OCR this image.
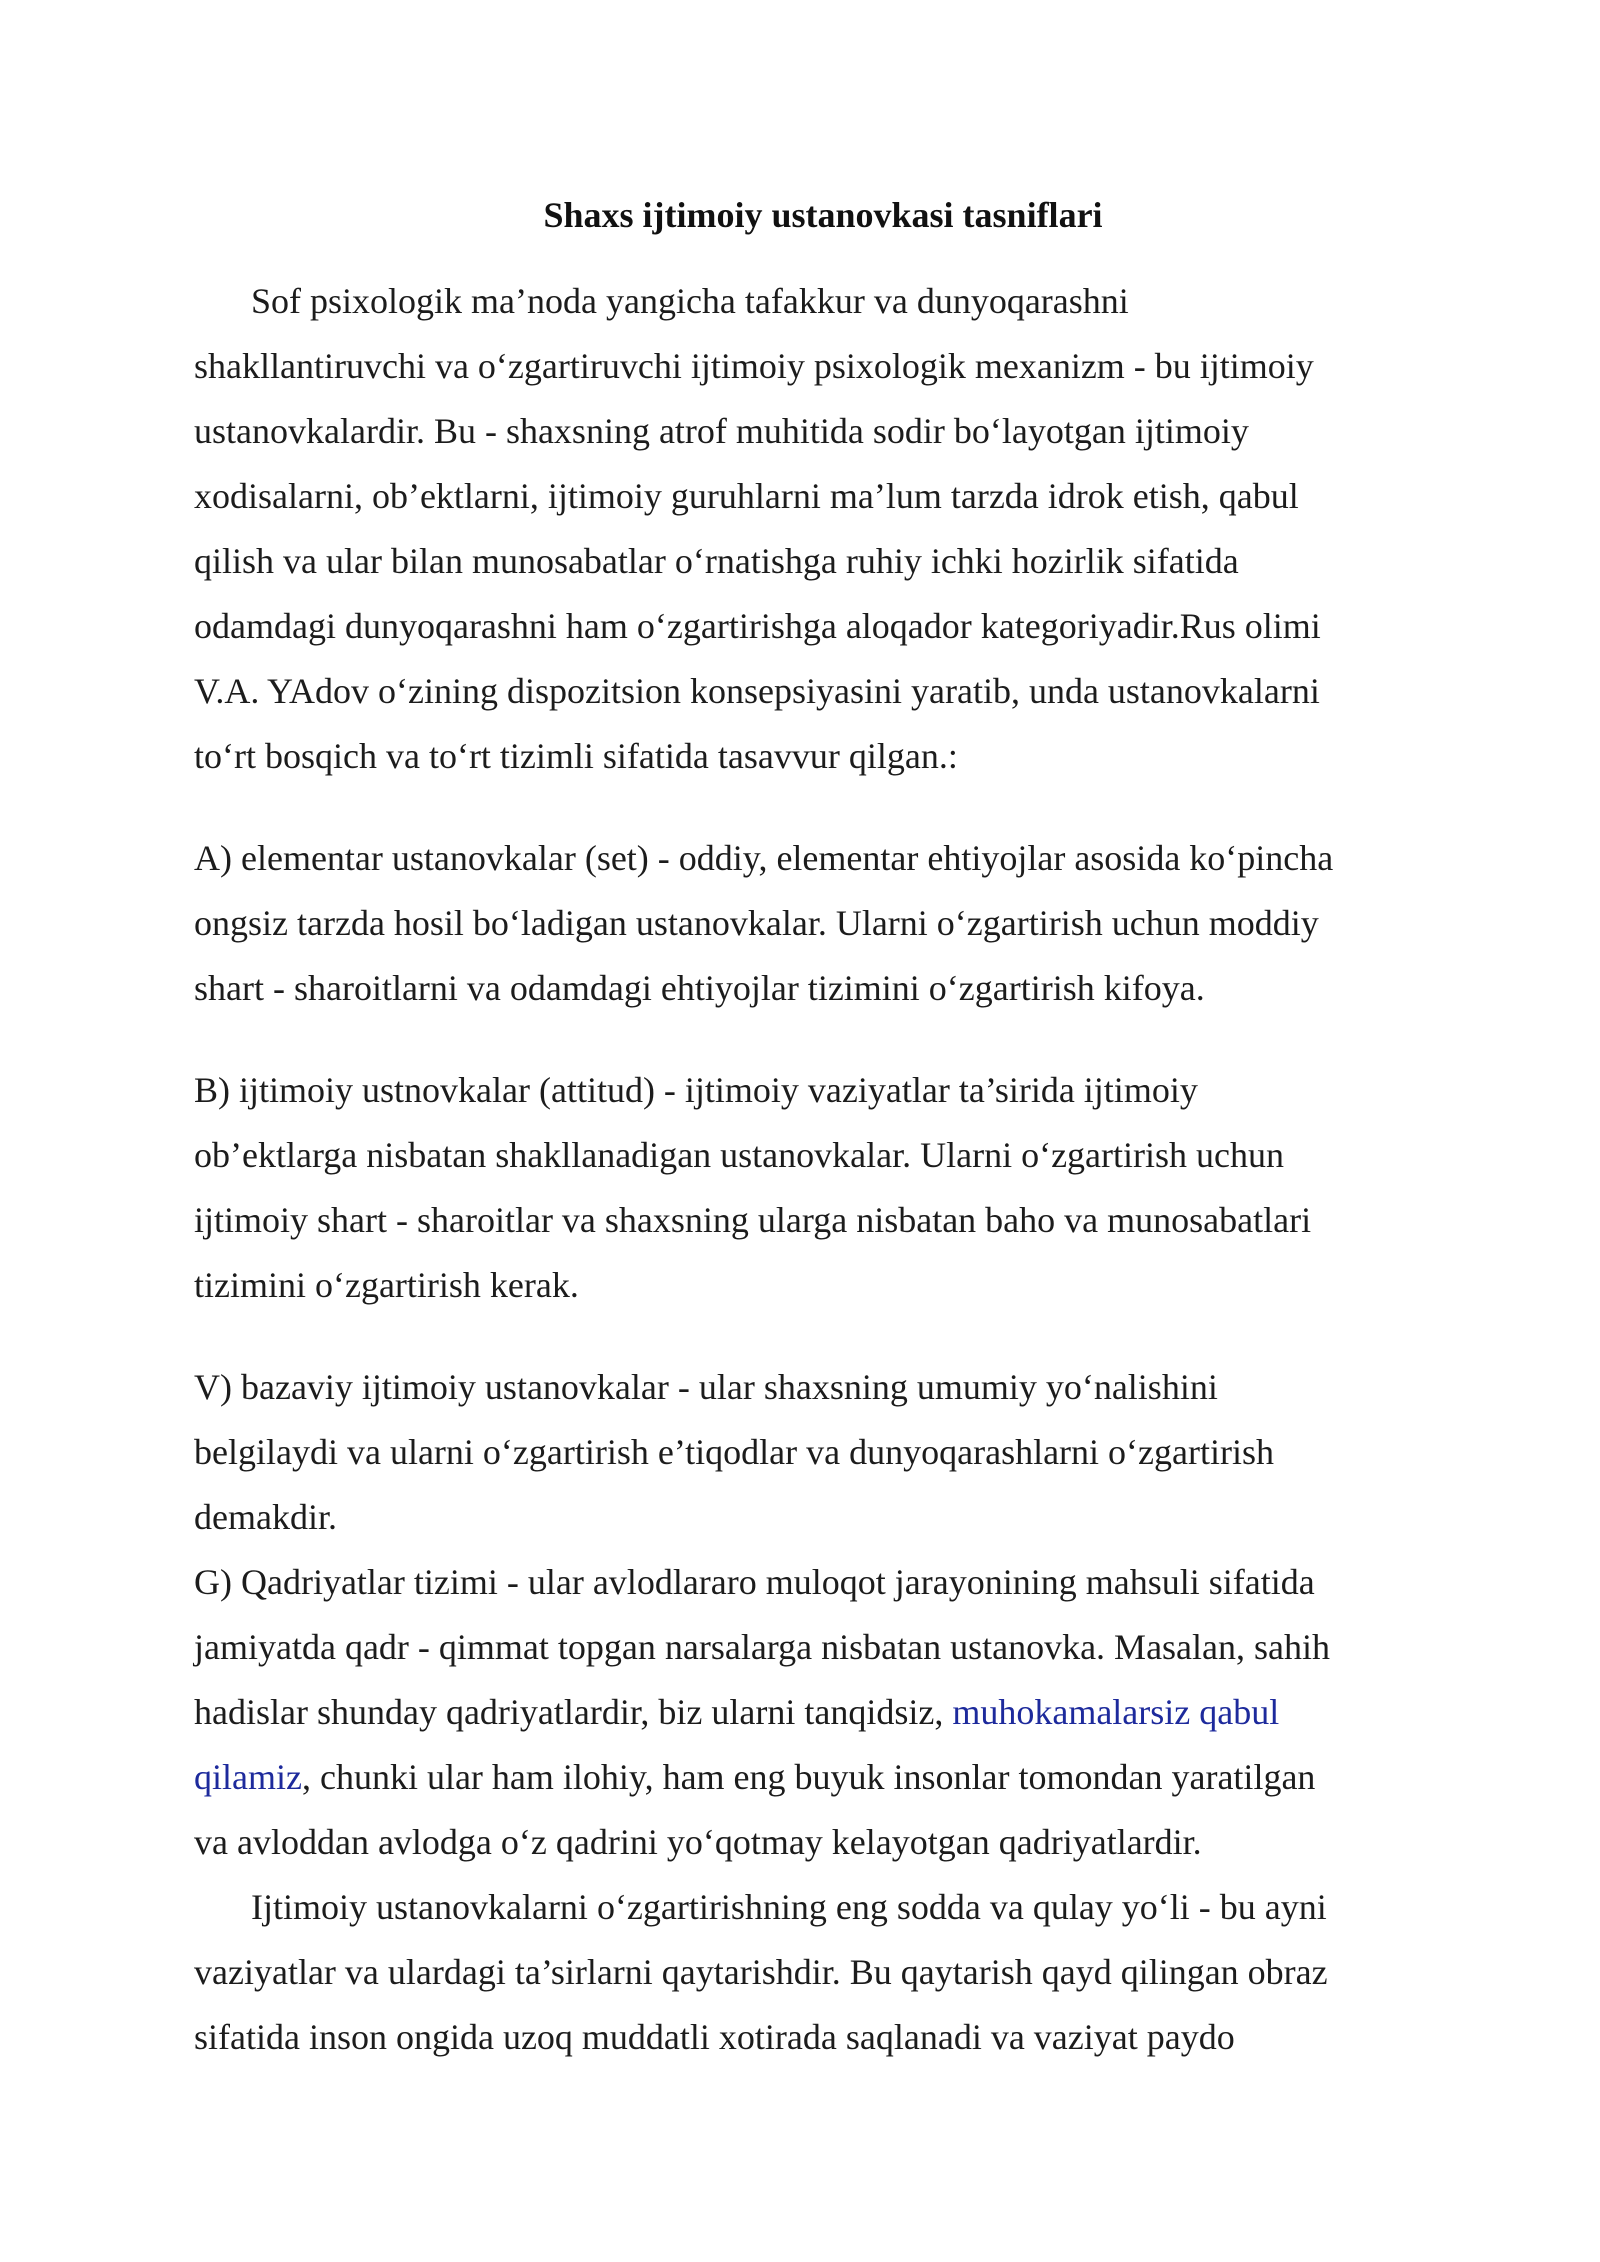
Shaxs ijtimoiy ustanovkasi tasniflari
Sof psixologik ma’noda yangicha tafakkur va dunyoqarashni
shakllantiruvchi va o‘zgartiruvchi ijtimoiy psixologik mexanizm - bu ijtimoiy
ustanovkalardir. Bu - shaxsning atrof muhitida sodir bo‘layotgan ijtimoiy
xodisalarni, ob’ektlarni, ijtimoiy guruhlarni ma’lum tarzda idrok etish, qabul
qilish va ular bilan munosabatlar o‘rnatishga ruhiy ichki hozirlik sifatida
odamdagi dunyoqarashni ham o‘zgartirishga aloqador kategoriyadir.Rus olimi
V.A. YAdov o‘zining dispozitsion konsepsiyasini yaratib, unda ustanovkalarni
to‘rt bosqich va to‘rt tizimli sifatida tasavvur qilgan.:
A) elementar ustanovkalar (set) - oddiy, elementar ehtiyojlar asosida ko‘pincha
ongsiz tarzda hosil bo‘ladigan ustanovkalar. Ularni o‘zgartirish uchun moddiy
shart - sharoitlarni va odamdagi ehtiyojlar tizimini o‘zgartirish kifoya.
B) ijtimoiy ustnovkalar (attitud) - ijtimoiy vaziyatlar ta’sirida ijtimoiy
ob’ektlarga nisbatan shakllanadigan ustanovkalar. Ularni o‘zgartirish uchun
ijtimoiy shart - sharoitlar va shaxsning ularga nisbatan baho va munosabatlari
tizimini o‘zgartirish kerak.
V) bazaviy ijtimoiy ustanovkalar - ular shaxsning umumiy yo‘nalishini
belgilaydi va ularni o‘zgartirish e’tiqodlar va dunyoqarashlarni o‘zgartirish
demakdir.
G) Qadriyatlar tizimi - ular avlodlararo muloqot jarayonining mahsuli sifatida
jamiyatda qadr - qimmat topgan narsalarga nisbatan ustanovka. Masalan, sahih
hadislar shunday qadriyatlardir, biz ularni tanqidsiz, muhokamalarsiz qabul
qilamiz, chunki ular ham ilohiy, ham eng buyuk insonlar tomondan yaratilgan
va avloddan avlodga o‘z qadrini yo‘qotmay kelayotgan qadriyatlardir.
Ijtimoiy ustanovkalarni o‘zgartirishning eng sodda va qulay yo‘li - bu ayni
vaziyatlar va ulardagi ta’sirlarni qaytarishdir. Bu qaytarish qayd qilingan obraz
sifatida inson ongida uzoq muddatli xotirada saqlanadi va vaziyat paydo
